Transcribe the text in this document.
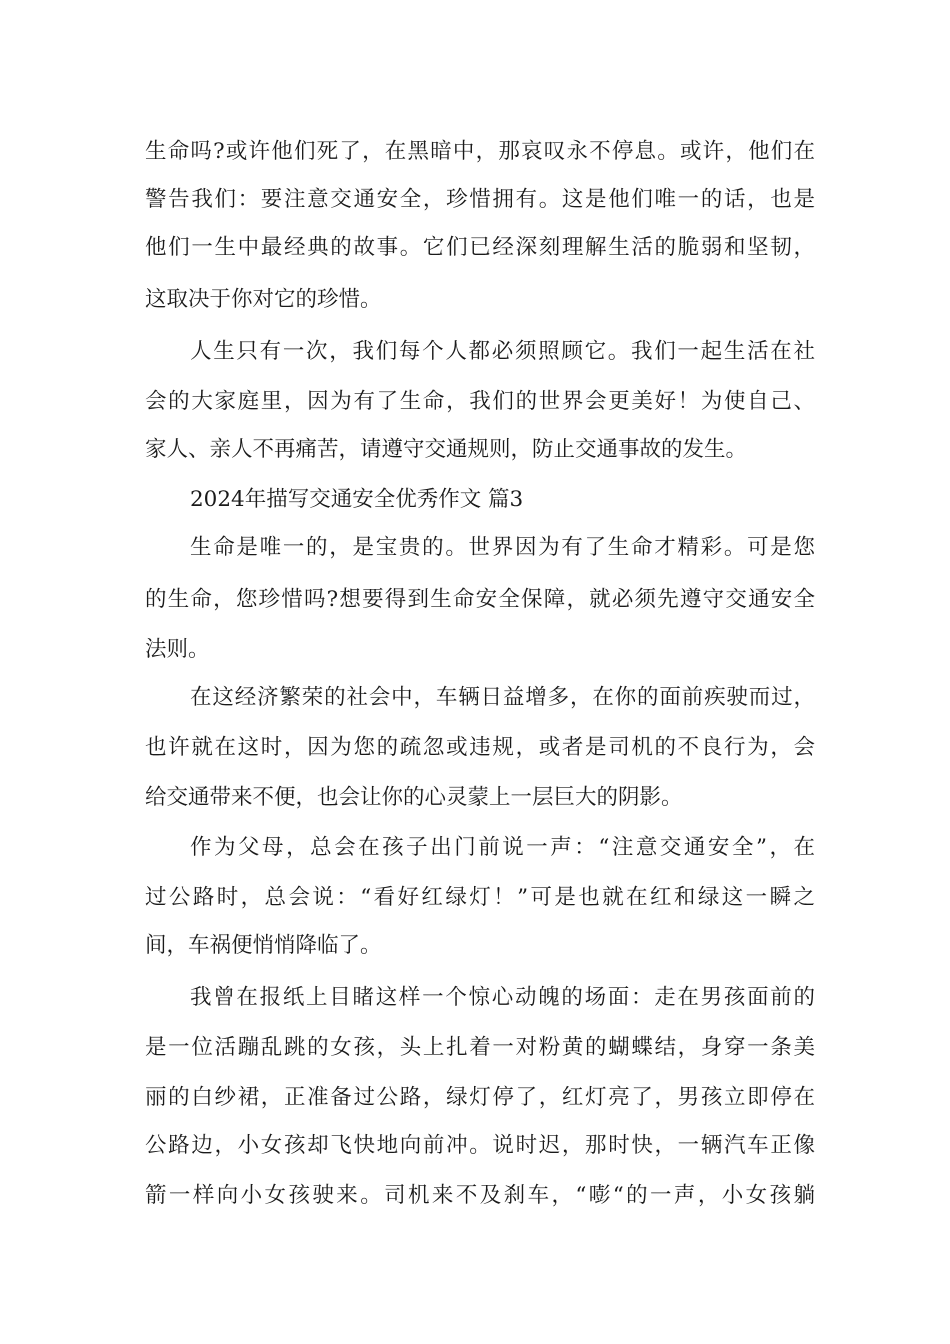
生命吗?或许他们死了，在黑暗中，那哀叹永不停息。或许，他们在
警告我们：要注意交通安全，珍惜拥有。这是他们唯一的话，也是
他们一生中最经典的故事。它们已经深刻理解生活的脆弱和坚韧，
这取决于你对它的珍惜。
人生只有一次，我们每个人都必须照顾它。我们一起生活在社
会的大家庭里，因为有了生命，我们的世界会更美好！为使自己、
家人、亲人不再痛苦，请遵守交通规则，防止交通事故的发生。
2024年描写交通安全优秀作文 篇3
生命是唯一的，是宝贵的。世界因为有了生命才精彩。可是您
的生命，您珍惜吗?想要得到生命安全保障，就必须先遵守交通安全
法则。
在这经济繁荣的社会中，车辆日益增多，在你的面前疾驶而过，
也许就在这时，因为您的疏忽或违规，或者是司机的不良行为，会
给交通带来不便，也会让你的心灵蒙上一层巨大的阴影。
作为父母，总会在孩子出门前说一声：“注意交通安全”，在
过公路时，总会说：“看好红绿灯！”可是也就在红和绿这一瞬之
间，车祸便悄悄降临了。
我曾在报纸上目睹这样一个惊心动魄的场面：走在男孩面前的
是一位活蹦乱跳的女孩，头上扎着一对粉黄的蝴蝶结，身穿一条美
丽的白纱裙，正准备过公路，绿灯停了，红灯亮了，男孩立即停在
公路边，小女孩却飞快地向前冲。说时迟，那时快，一辆汽车正像
箭一样向小女孩驶来。司机来不及刹车，“嘭“的一声，小女孩躺
